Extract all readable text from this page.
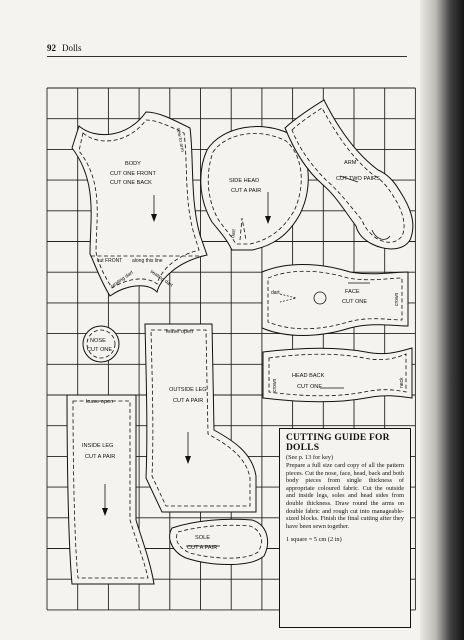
92 Dolls
BODY
CUT ONE FRONT
CUT ONE BACK
cut FRONT along this line
seating dart	seating dart
sew to arm
SIDE HEAD
CUT A PAIR
dart
ARM
CUT TWO PAIRS
FACE
CUT ONE
dart	crown
NOSE
CUT ONE
HEAD BACK
CUT ONE
crown	neck
leave open
OUTSIDE LEG
CUT A PAIR
leave open
INSIDE LEG
CUT A PAIR
SOLE
CUT A PAIR
CUTTING GUIDE FOR DOLLS
(See p. 13 for key)
Prepare a full size card copy of all the pattern pieces. Cut the nose, face, head, back and both body pieces from single thickness of appropriate coloured fabric. Cut the outside and inside legs, soles and head sides from double thickness. Draw round the arms on double fabric and rough cut into manageable-sized blocks. Finish the final cutting after they have been sewn together.
1 square = 5 cm (2 in)
